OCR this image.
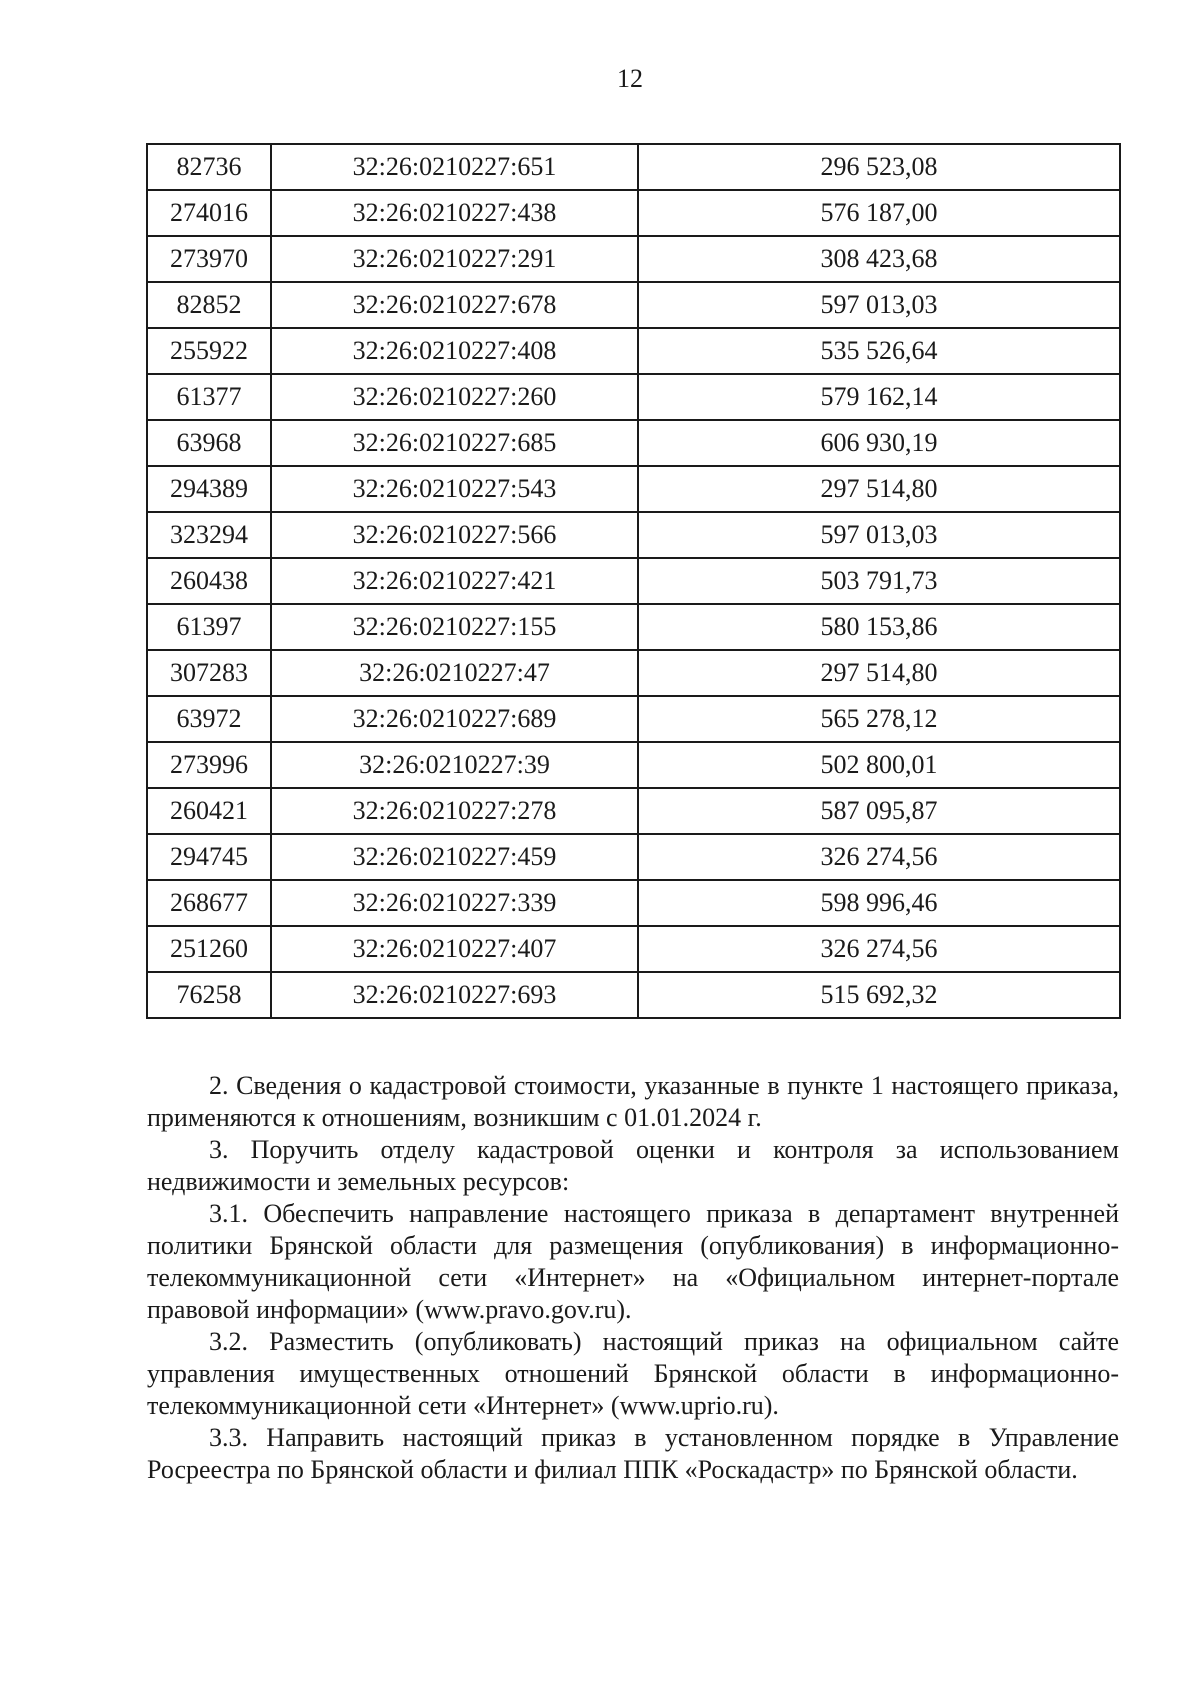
12
82736	32:26:0210227:651	296 523,08
274016	32:26:0210227:438	576 187,00
273970	32:26:0210227:291	308 423,68
82852	32:26:0210227:678	597 013,03
255922	32:26:0210227:408	535 526,64
61377	32:26:0210227:260	579 162,14
63968	32:26:0210227:685	606 930,19
294389	32:26:0210227:543	297 514,80
323294	32:26:0210227:566	597 013,03
260438	32:26:0210227:421	503 791,73
61397	32:26:0210227:155	580 153,86
307283	32:26:0210227:47	297 514,80
63972	32:26:0210227:689	565 278,12
273996	32:26:0210227:39	502 800,01
260421	32:26:0210227:278	587 095,87
294745	32:26:0210227:459	326 274,56
268677	32:26:0210227:339	598 996,46
251260	32:26:0210227:407	326 274,56
76258	32:26:0210227:693	515 692,32

2. Сведения о кадастровой стоимости, указанные в пункте 1 настоящего приказа, применяются к отношениям, возникшим с 01.01.2024 г.

3. Поручить отделу кадастровой оценки и контроля за использованием недвижимости и земельных ресурсов:

3.1. Обеспечить направление настоящего приказа в департамент внутренней политики Брянской области для размещения (опубликования) в информационно-телекоммуникационной сети «Интернет» на «Официальном интернет-портале правовой информации» (www.pravo.gov.ru).

3.2. Разместить (опубликовать) настоящий приказ на официальном сайте управления имущественных отношений Брянской области в информационно-телекоммуникационной сети «Интернет» (www.uprio.ru).

3.3. Направить настоящий приказ в установленном порядке в Управление Росреестра по Брянской области и филиал ППК «Роскадастр» по Брянской области.
